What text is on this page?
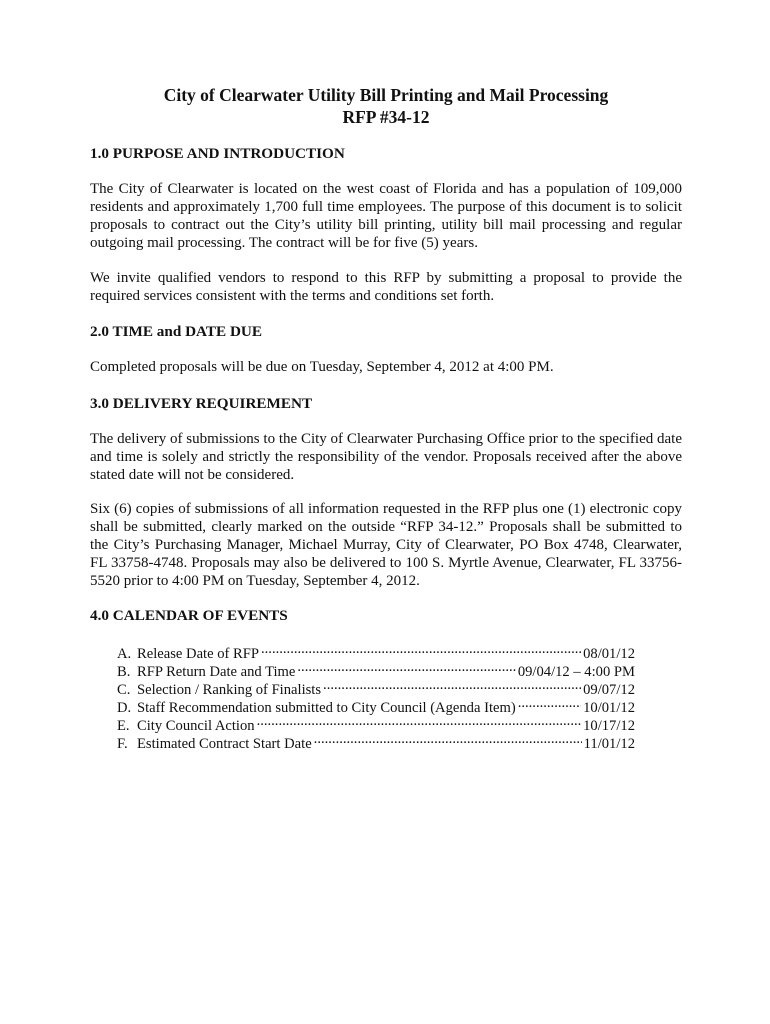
City of Clearwater Utility Bill Printing and Mail Processing
RFP #34-12
1.0 PURPOSE AND INTRODUCTION

The City of Clearwater is located on the west coast of Florida and has a population of 109,000 residents and approximately 1,700 full time employees. The purpose of this document is to solicit proposals to contract out the City’s utility bill printing, utility bill mail processing and regular outgoing mail processing. The contract will be for five (5) years.

We invite qualified vendors to respond to this RFP by submitting a proposal to provide the required services consistent with the terms and conditions set forth.

2.0 TIME and DATE DUE

Completed proposals will be due on Tuesday, September 4, 2012 at 4:00 PM.

3.0 DELIVERY REQUIREMENT

The delivery of submissions to the City of Clearwater Purchasing Office prior to the specified date and time is solely and strictly the responsibility of the vendor. Proposals received after the above stated date will not be considered.

Six (6) copies of submissions of all information requested in the RFP plus one (1) electronic copy shall be submitted, clearly marked on the outside “RFP 34-12.” Proposals shall be submitted to the City’s Purchasing Manager, Michael Murray, City of Clearwater, PO Box 4748, Clearwater, FL 33758-4748. Proposals may also be delivered to 100 S. Myrtle Avenue, Clearwater, FL 33756-5520 prior to 4:00 PM on Tuesday, September 4, 2012.

4.0 CALENDAR OF EVENTS
A. Release Date of RFP .....	08/01/12
B. RFP Return Date and Time .....	09/04/12 – 4:00 PM
C. Selection / Ranking of Finalists .....	09/07/12
D. Staff Recommendation submitted to City Council (Agenda Item) .....	10/01/12
E. City Council Action .....	10/17/12
F. Estimated Contract Start Date .....	11/01/12
